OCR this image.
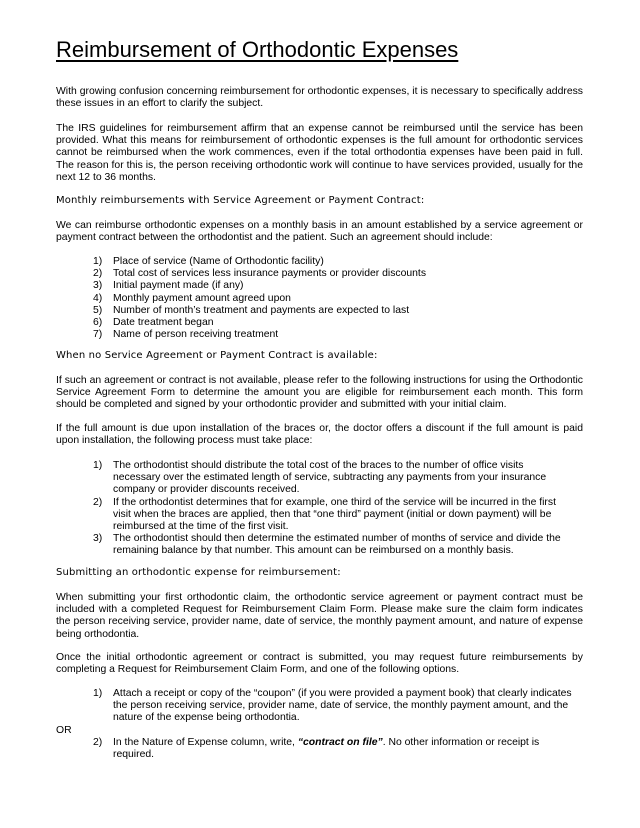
Reimbursement of Orthodontic Expenses

With growing confusion concerning reimbursement for orthodontic expenses, it is necessary to specifically address these issues in an effort to clarify the subject.

The IRS guidelines for reimbursement affirm that an expense cannot be reimbursed until the service has been provided. What this means for reimbursement of orthodontic expenses is the full amount for orthodontic services cannot be reimbursed when the work commences, even if the total orthodontia expenses have been paid in full. The reason for this is, the person receiving orthodontic work will continue to have services provided, usually for the next 12 to 36 months.

Monthly reimbursements with Service Agreement or Payment Contract:

We can reimburse orthodontic expenses on a monthly basis in an amount established by a service agreement or payment contract between the orthodontist and the patient. Such an agreement should include:

1)	Place of service (Name of Orthodontic facility)
2)	Total cost of services less insurance payments or provider discounts
3)	Initial payment made (if any)
4)	Monthly payment amount agreed upon
5)	Number of month’s treatment and payments are expected to last
6)	Date treatment began
7)	Name of person receiving treatment
When no Service Agreement or Payment Contract is available:

If such an agreement or contract is not available, please refer to the following instructions for using the Orthodontic Service Agreement Form to determine the amount you are eligible for reimbursement each month. This form should be completed and signed by your orthodontic provider and submitted with your initial claim.

If the full amount is due upon installation of the braces or, the doctor offers a discount if the full amount is paid upon installation, the following process must take place:

1)	The orthodontist should distribute the total cost of the braces to the number of office visits necessary over the estimated length of service, subtracting any payments from your insurance company or provider discounts received.
2)	If the orthodontist determines that for example, one third of the service will be incurred in the first visit when the braces are applied, then that “one third” payment (initial or down payment) will be reimbursed at the time of the first visit.
3)	The orthodontist should then determine the estimated number of months of service and divide the remaining balance by that number. This amount can be reimbursed on a monthly basis.
Submitting an orthodontic expense for reimbursement:

When submitting your first orthodontic claim, the orthodontic service agreement or payment contract must be included with a completed Request for Reimbursement Claim Form. Please make sure the claim form indicates the person receiving service, provider name, date of service, the monthly payment amount, and nature of expense being orthodontia.

Once the initial orthodontic agreement or contract is submitted, you may request future reimbursements by completing a Request for Reimbursement Claim Form, and one of the following options.

1)	Attach a receipt or copy of the “coupon” (if you were provided a payment book) that clearly indicates the person receiving service, provider name, date of service, the monthly payment amount, and the nature of the expense being orthodontia.
OR
2)	In the Nature of Expense column, write, “contract on file”. No other information or receipt is required.
